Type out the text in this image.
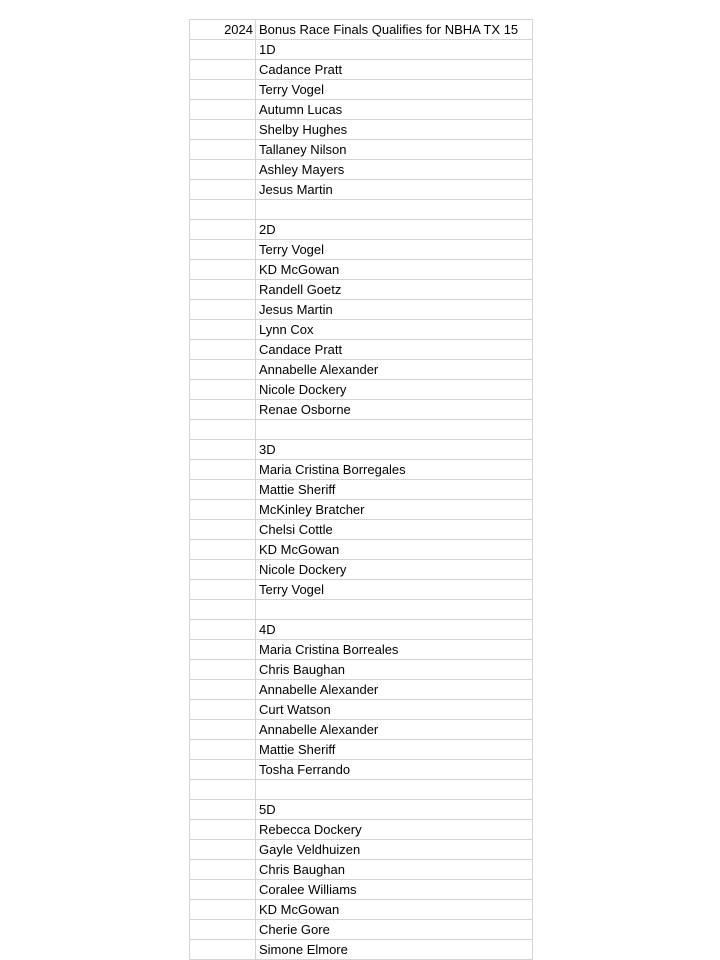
2024	Bonus Race Finals Qualifies for NBHA TX 15
	1D
	Cadance Pratt
	Terry Vogel
	Autumn Lucas
	Shelby Hughes
	Tallaney Nilson
	Ashley Mayers
	Jesus Martin

	2D
	Terry Vogel
	KD McGowan
	Randell Goetz
	Jesus Martin
	Lynn Cox
	Candace Pratt
	Annabelle Alexander
	Nicole Dockery
	Renae Osborne

	3D
	Maria Cristina Borregales
	Mattie Sheriff
	McKinley Bratcher
	Chelsi Cottle
	KD McGowan
	Nicole Dockery
	Terry Vogel

	4D
	Maria Cristina Borreales
	Chris Baughan
	Annabelle Alexander
	Curt Watson
	Annabelle Alexander
	Mattie Sheriff
	Tosha Ferrando

	5D
	Rebecca Dockery
	Gayle Veldhuizen
	Chris Baughan
	Coralee Williams
	KD McGowan
	Cherie Gore
	Simone Elmore
